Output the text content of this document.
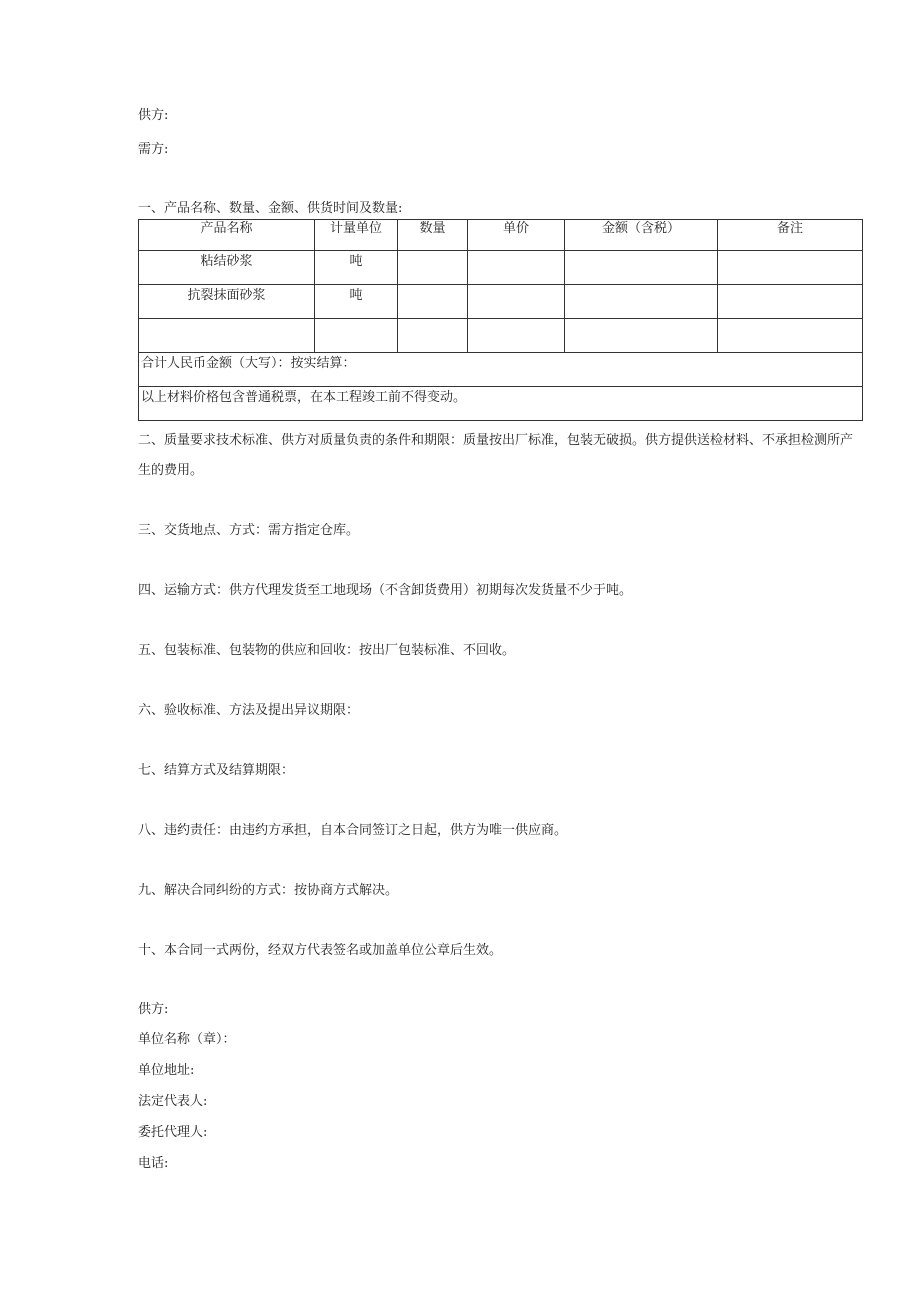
供方:
需方:
一、产品名称、数量、金额、供货时间及数量:
产品名称	计量单位	数量	单价	金额（含税）	备注
粘结砂浆	吨				
抗裂抹面砂浆	吨				

合计人民币金额（大写）：按实结算：					
以上材料价格包含普通税票，在本工程竣工前不得变动。					
二、质量要求技术标准、供方对质量负责的条件和期限：质量按出厂标准，包装无破损。供方提供送检材料、不承担检测所产生的费用。
三、交货地点、方式：需方指定仓库。
四、运输方式：供方代理发货至工地现场（不含卸货费用）初期每次发货量不少于吨。
五、包装标准、包装物的供应和回收：按出厂包装标准、不回收。
六、验收标准、方法及提出异议期限：
七、结算方式及结算期限：
八、违约责任：由违约方承担，自本合同签订之日起，供方为唯一供应商。
九、解决合同纠纷的方式：按协商方式解决。
十、本合同一式两份，经双方代表签名或加盖单位公章后生效。
供方:
单位名称（章）：
单位地址:
法定代表人:
委托代理人:
电话:
